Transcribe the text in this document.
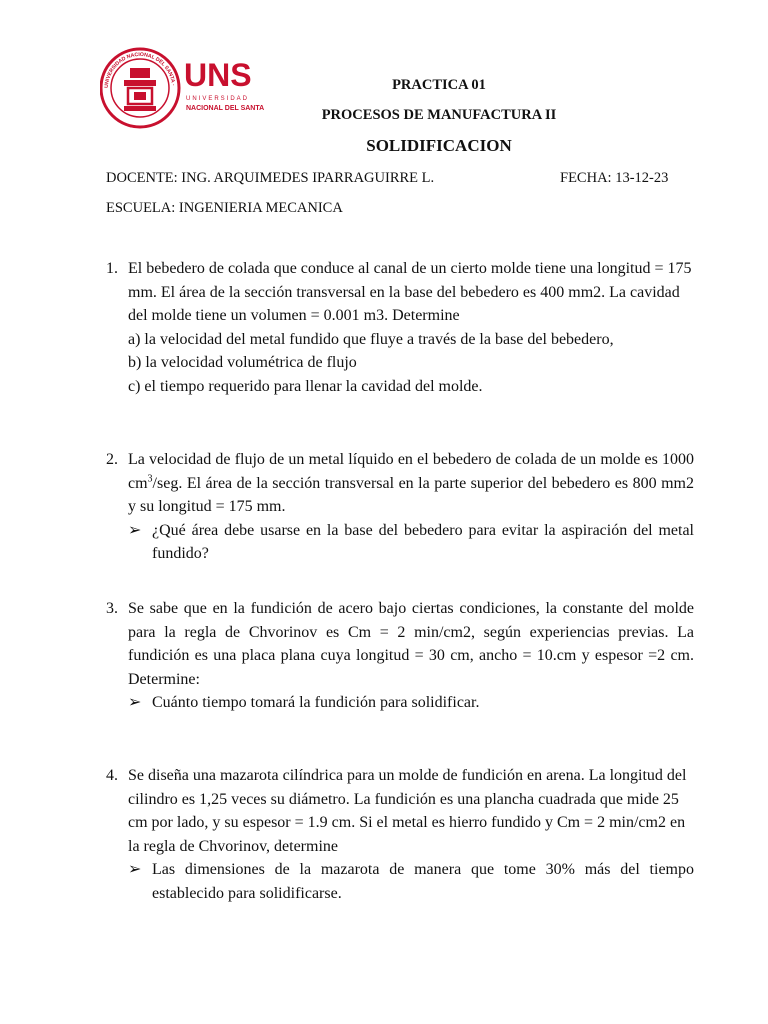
UNIVERSIDAD NACIONAL DEL SANTA · UNS
UNIVERSIDAD
NACIONAL DEL SANTA
PRACTICA 01
PROCESOS DE MANUFACTURA II
SOLIDIFICACION
DOCENTE: ING. ARQUIMEDES IPARRAGUIRRE L.	FECHA: 13-12-23
ESCUELA: INGENIERIA MECANICA
1. El bebedero de colada que conduce al canal de un cierto molde tiene una longitud = 175 mm. El área de la sección transversal en la base del bebedero es 400 mm2. La cavidad del molde tiene un volumen = 0.001 m3. Determine
a) la velocidad del metal fundido que fluye a través de la base del bebedero,
b) la velocidad volumétrica de flujo
c) el tiempo requerido para llenar la cavidad del molde.
2. La velocidad de flujo de un metal líquido en el bebedero de colada de un molde es 1000 $cm^3$/seg. El área de la sección transversal en la parte superior del bebedero es 800 mm2 y su longitud = 175 mm.
➢ ¿Qué área debe usarse en la base del bebedero para evitar la aspiración del metal fundido?
3. Se sabe que en la fundición de acero bajo ciertas condiciones, la constante del molde para la regla de Chvorinov es Cm = 2 min/cm2, según experiencias previas. La fundición es una placa plana cuya longitud = 30 cm, ancho = 10.cm y espesor =2 cm. Determine:
➢ Cuánto tiempo tomará la fundición para solidificar.
4. Se diseña una mazarota cilíndrica para un molde de fundición en arena. La longitud del cilindro es 1,25 veces su diámetro. La fundición es una plancha cuadrada que mide 25 cm por lado, y su espesor = 1.9 cm. Si el metal es hierro fundido y Cm = 2 min/cm2 en la regla de Chvorinov, determine
➢ Las dimensiones de la mazarota de manera que tome 30% más del tiempo establecido para solidificarse.
